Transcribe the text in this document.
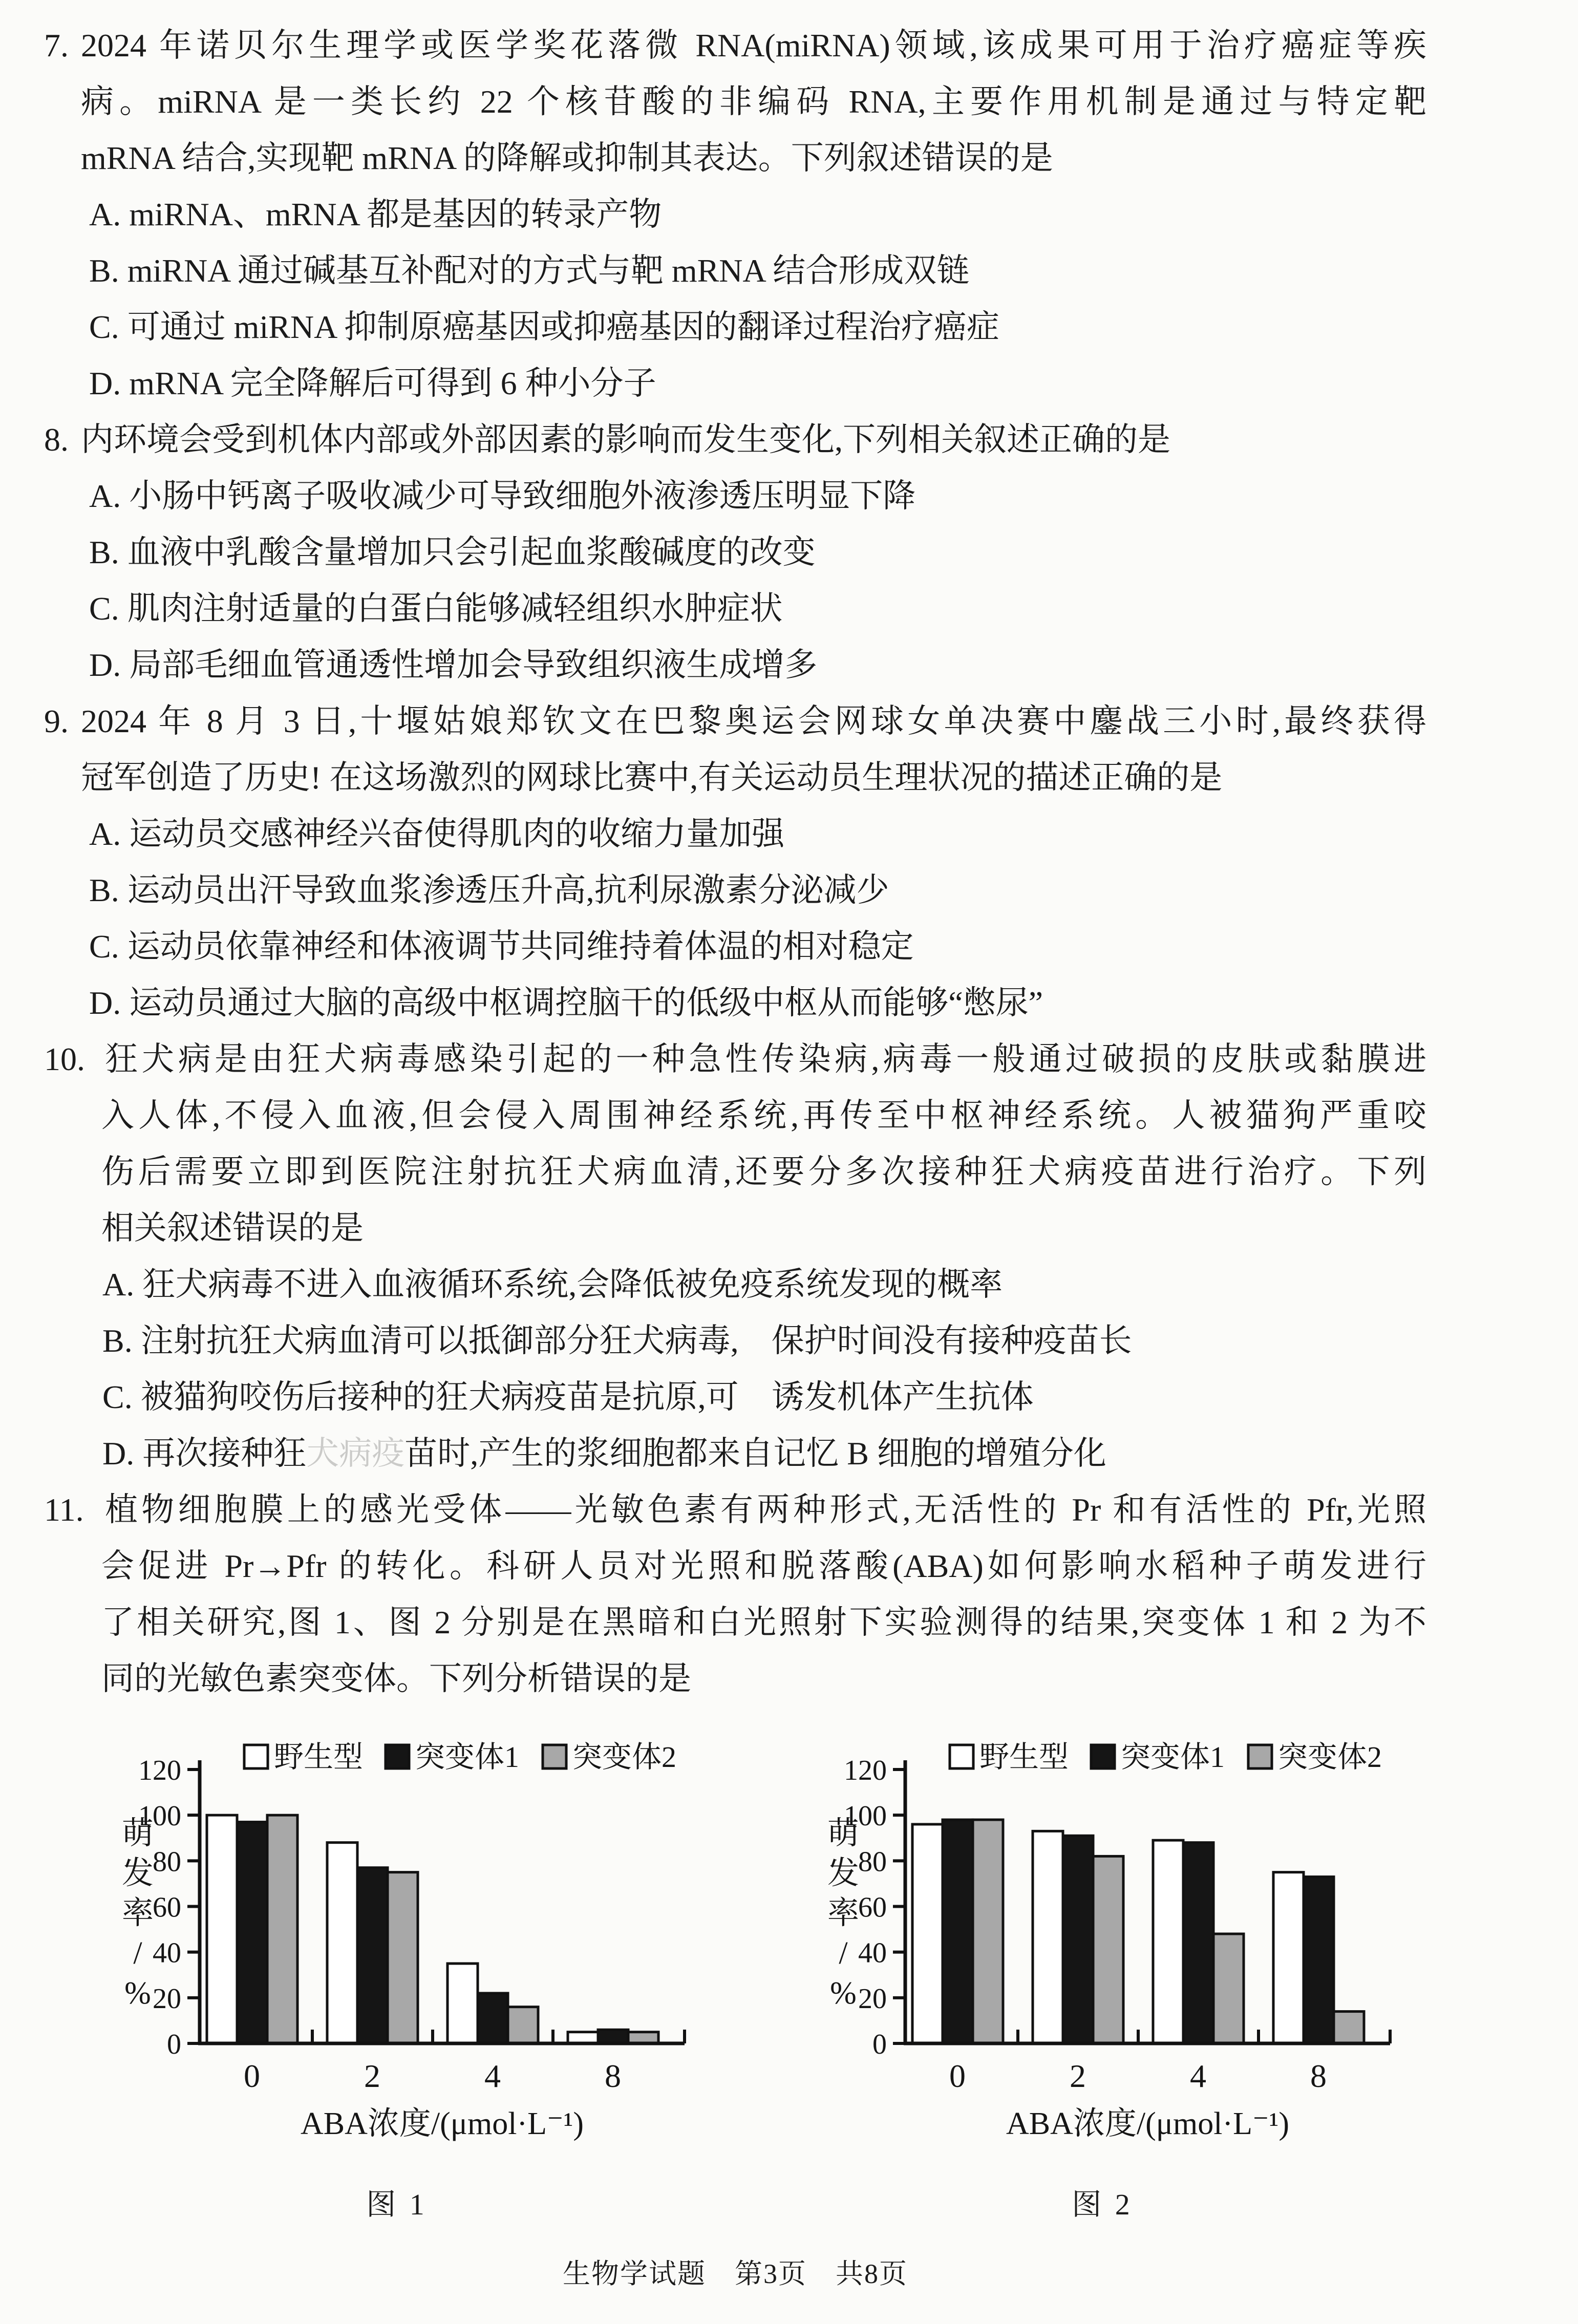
7. 2024 年诺贝尔生理学或医学奖花落微 RNA(miRNA)领域,该成果可用于治疗癌症等疾
病。miRNA 是一类长约 22 个核苷酸的非编码 RNA,主要作用机制是通过与特定靶
mRNA 结合,实现靶 mRNA 的降解或抑制其表达。下列叙述错误的是
A. miRNA、mRNA 都是基因的转录产物
B. miRNA 通过碱基互补配对的方式与靶 mRNA 结合形成双链
C. 可通过 miRNA 抑制原癌基因或抑癌基因的翻译过程治疗癌症
D. mRNA 完全降解后可得到 6 种小分子
8. 内环境会受到机体内部或外部因素的影响而发生变化,下列相关叙述正确的是
A. 小肠中钙离子吸收减少可导致细胞外液渗透压明显下降
B. 血液中乳酸含量增加只会引起血浆酸碱度的改变
C. 肌肉注射适量的白蛋白能够减轻组织水肿症状
D. 局部毛细血管通透性增加会导致组织液生成增多
9. 2024 年 8 月 3 日,十堰姑娘郑钦文在巴黎奥运会网球女单决赛中鏖战三小时,最终获得
冠军创造了历史! 在这场激烈的网球比赛中,有关运动员生理状况的描述正确的是
A. 运动员交感神经兴奋使得肌肉的收缩力量加强
B. 运动员出汗导致血浆渗透压升高,抗利尿激素分泌减少
C. 运动员依靠神经和体液调节共同维持着体温的相对稳定
D. 运动员通过大脑的高级中枢调控脑干的低级中枢从而能够“憋尿”
10. 狂犬病是由狂犬病毒感染引起的一种急性传染病,病毒一般通过破损的皮肤或黏膜进
入人体,不侵入血液,但会侵入周围神经系统,再传至中枢神经系统。人被猫狗严重咬
伤后需要立即到医院注射抗狂犬病血清,还要分多次接种狂犬病疫苗进行治疗。下列
相关叙述错误的是
A. 狂犬病毒不进入血液循环系统,会降低被免疫系统发现的概率
B. 注射抗狂犬病血清可以抵御部分狂犬病毒, 保护时间没有接种疫苗长
C. 被猫狗咬伤后接种的狂犬病疫苗是抗原,可 诱发机体产生抗体
D. 再次接种狂犬病疫苗时,产生的浆细胞都来自记忆 B 细胞的增殖分化
11. 植物细胞膜上的感光受体——光敏色素有两种形式,无活性的 Pr 和有活性的 Pfr,光照
会促进 Pr→Pfr 的转化。科研人员对光照和脱落酸(ABA)如何影响水稻种子萌发进行
了相关研究,图 1、图 2 分别是在黑暗和白光照射下实验测得的结果,突变体 1 和 2 为不
同的光敏色素突变体。下列分析错误的是
野生型 突变体1 突变体2
0
20
40
60
80
100
120
0	2	4	8
萌
发
率
/
%
ABA浓度/(μmol·L⁻¹)
图 1
野生型 突变体1 突变体2
0
20
40
60
80
100
120
0	2	4	8
萌
发
率
/
%
ABA浓度/(μmol·L⁻¹)
图 2
生物学试题　第3页　共8页
